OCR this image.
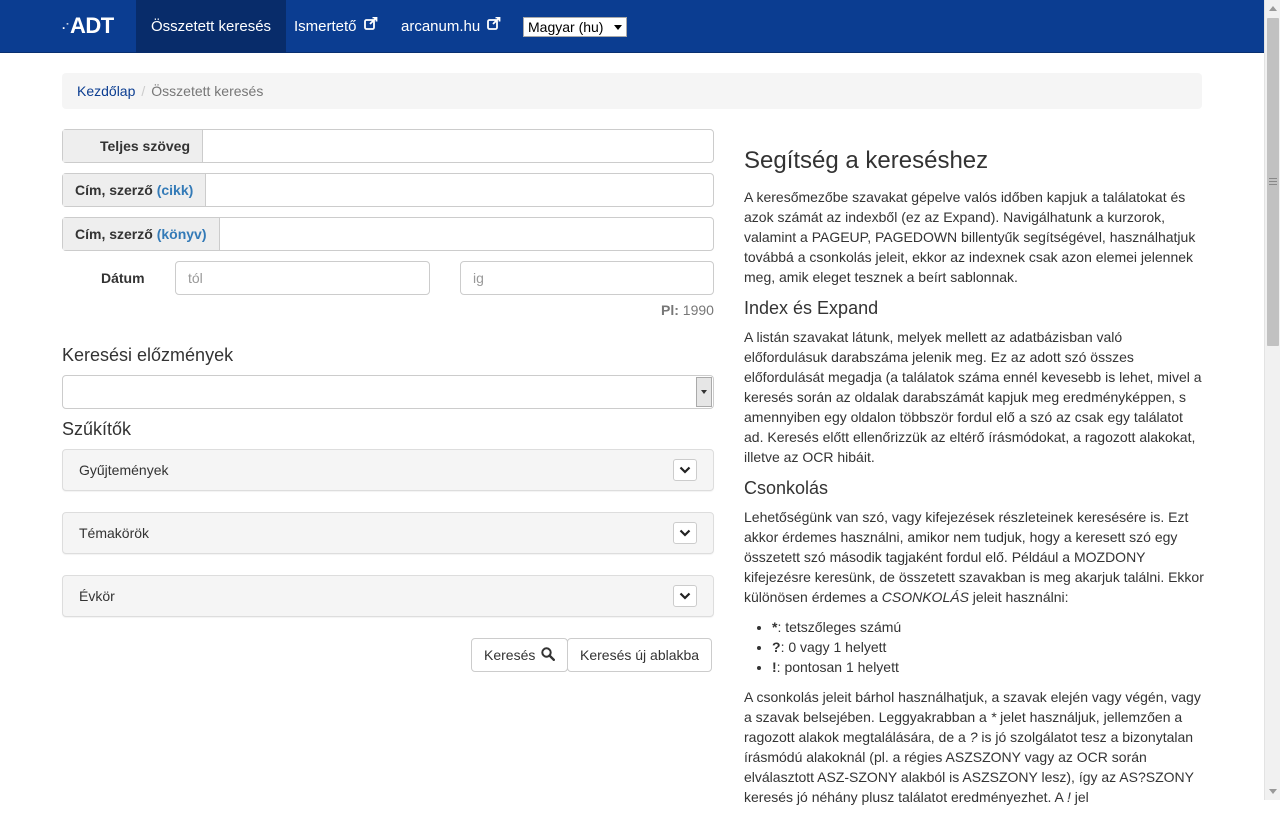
·˙ ADT	Összetett keresés	Ismertető	arcanum.hu	Magyar (hu)
Kezdőlap / Összetett keresés
Teljes szöveg
Cím, szerző (cikk)
Cím, szerző (könyv)
Dátum	tól	ig
Pl: 1990
Keresési előzmények
Szűkítők
Gyűjtemények
Témakörök
Évkör
Keresés	Keresés új ablakba
Segítség a kereséshez

A keresőmezőbe szavakat gépelve valós időben kapjuk a találatokat és azok számát az indexből (ez az Expand). Navigálhatunk a kurzorok, valamint a PAGEUP, PAGEDOWN billentyűk segítségével, használhatjuk továbbá a csonkolás jeleit, ekkor az indexnek csak azon elemei jelennek meg, amik eleget tesznek a beírt sablonnak.

Index és Expand

A listán szavakat látunk, melyek mellett az adatbázisban való előfordulásuk darabszáma jelenik meg. Ez az adott szó összes előfordulását megadja (a találatok száma ennél kevesebb is lehet, mivel a keresés során az oldalak darabszámát kapjuk meg eredményképpen, s amennyiben egy oldalon többször fordul elő a szó az csak egy találatot ad. Keresés előtt ellenőrizzük az eltérő írásmódokat, a ragozott alakokat, illetve az OCR hibáit.

Csonkolás

Lehetőségünk van szó, vagy kifejezések részleteinek keresésére is. Ezt akkor érdemes használni, amikor nem tudjuk, hogy a keresett szó egy összetett szó második tagjaként fordul elő. Például a MOZDONY kifejezésre keresünk, de összetett szavakban is meg akarjuk találni. Ekkor különösen érdemes a CSONKOLÁS jeleit használni:

• *: tetszőleges számú
• ?: 0 vagy 1 helyett
• !: pontosan 1 helyett

A csonkolás jeleit bárhol használhatjuk, a szavak elején vagy végén, vagy a szavak belsejében. Leggyakrabban a * jelet használjuk, jellemzően a ragozott alakok megtalálására, de a ? is jó szolgálatot tesz a bizonytalan írásmódú alakoknál (pl. a régies ASZSZONY vagy az OCR során elválasztott ASZ-SZONY alakból is ASZSZONY lesz), így az AS?SZONY keresés jó néhány plusz találatot eredményezhet. A ! jel
